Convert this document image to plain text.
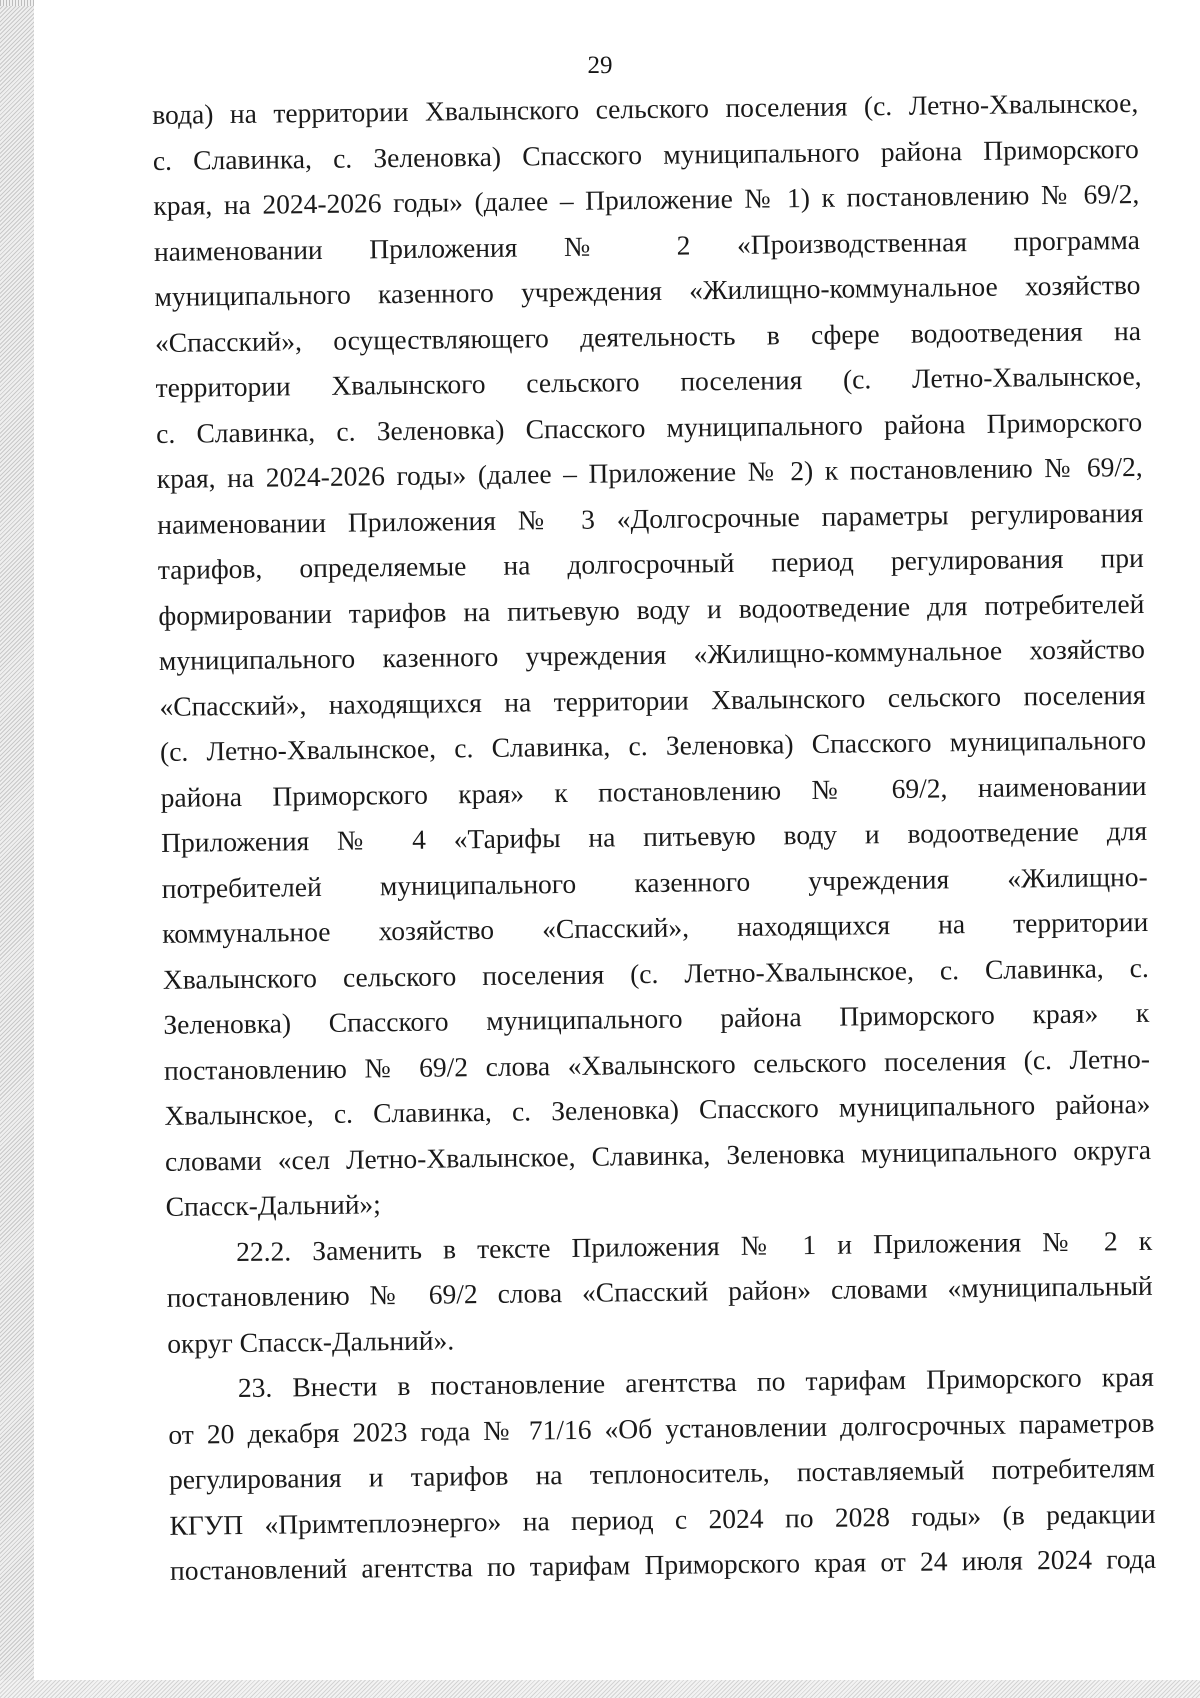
29
вода) на территории Хвалынского сельского поселения (с. Летно-Хвалынское,
с. Славинка, с. Зеленовка) Спасского муниципального района Приморского
края, на 2024-2026 годы» (далее – Приложение № 1) к постановлению № 69/2,
наименовании Приложения № 2 «Производственная программа
муниципального казенного учреждения «Жилищно-коммунальное хозяйство
«Спасский», осуществляющего деятельность в сфере водоотведения на
территории Хвалынского сельского поселения (с. Летно-Хвалынское,
с. Славинка, с. Зеленовка) Спасского муниципального района Приморского
края, на 2024-2026 годы» (далее – Приложение № 2) к постановлению № 69/2,
наименовании Приложения № 3 «Долгосрочные параметры регулирования
тарифов, определяемые на долгосрочный период регулирования при
формировании тарифов на питьевую воду и водоотведение для потребителей
муниципального казенного учреждения «Жилищно-коммунальное хозяйство
«Спасский», находящихся на территории Хвалынского сельского поселения
(с. Летно-Хвалынское, с. Славинка, с. Зеленовка) Спасского муниципального
района Приморского края» к постановлению № 69/2, наименовании
Приложения № 4 «Тарифы на питьевую воду и водоотведение для
потребителей муниципального казенного учреждения «Жилищно-
коммунальное хозяйство «Спасский», находящихся на территории
Хвалынского сельского поселения (с. Летно-Хвалынское, с. Славинка, с.
Зеленовка) Спасского муниципального района Приморского края» к
постановлению № 69/2 слова «Хвалынского сельского поселения (с. Летно-
Хвалынское, с. Славинка, с. Зеленовка) Спасского муниципального района»
словами «сел Летно-Хвалынское, Славинка, Зеленовка муниципального округа
Спасск-Дальний»;
22.2. Заменить в тексте Приложения № 1 и Приложения № 2 к
постановлению № 69/2 слова «Спасский район» словами «муниципальный
округ Спасск-Дальний».
23. Внести в постановление агентства по тарифам Приморского края
от 20 декабря 2023 года № 71/16 «Об установлении долгосрочных параметров
регулирования и тарифов на теплоноситель, поставляемый потребителям
КГУП «Примтеплоэнерго» на период с 2024 по 2028 годы» (в редакции
постановлений агентства по тарифам Приморского края от 24 июля 2024 года
